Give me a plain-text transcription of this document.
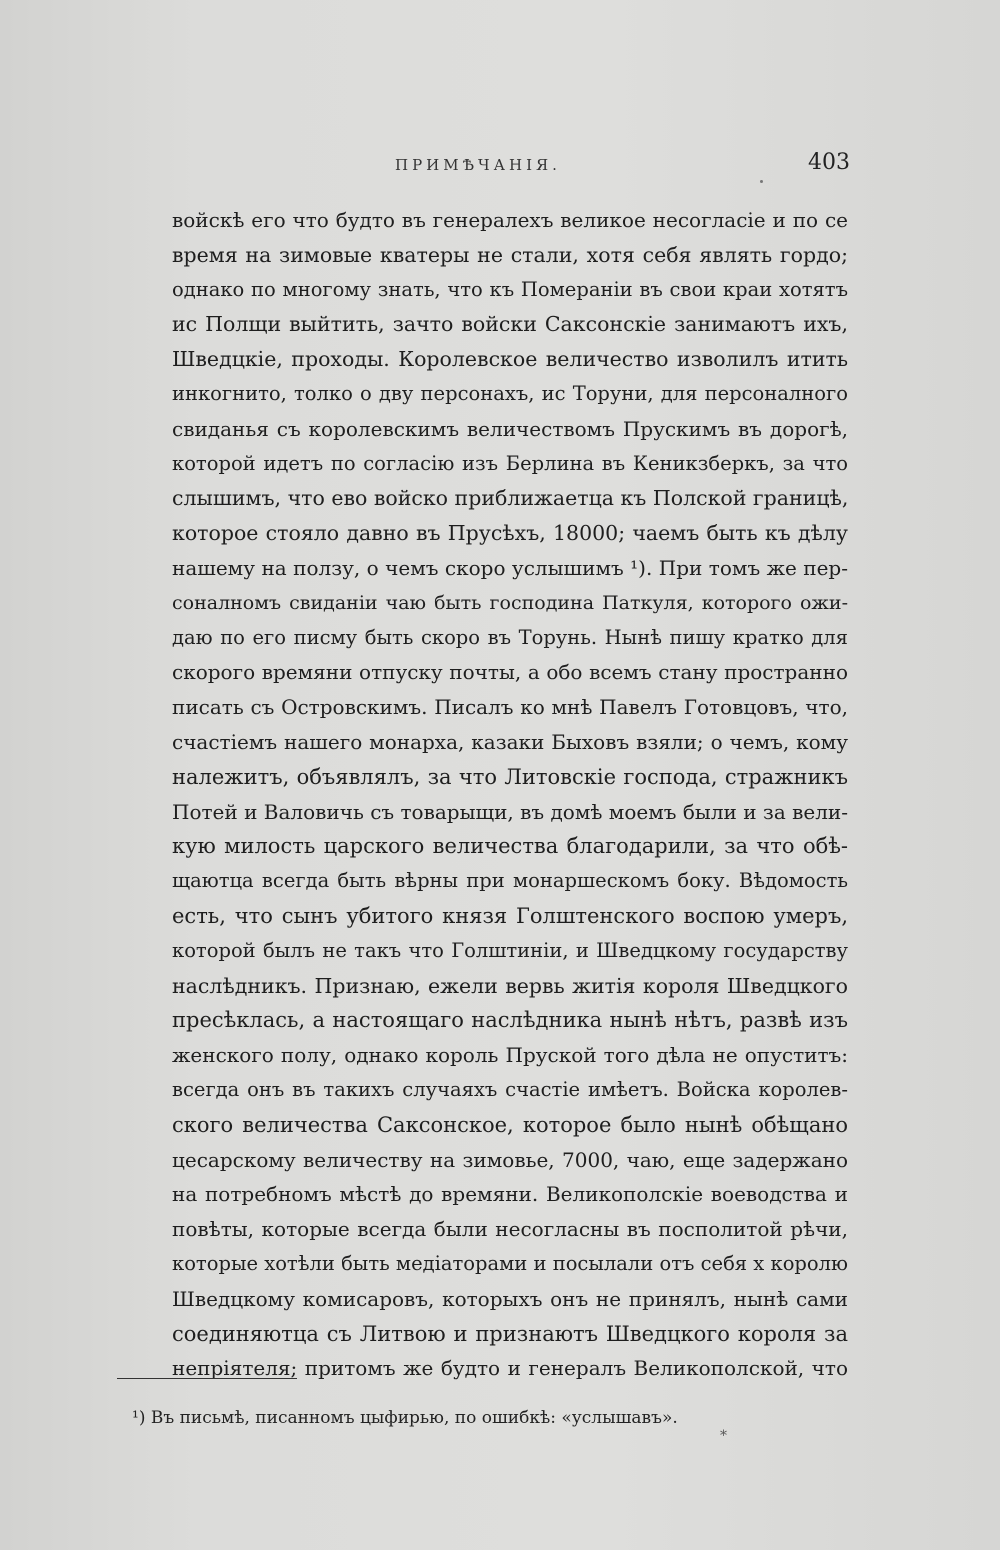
ПРИМѢЧАНІЯ.	403
войскѣ его что будто въ генералехъ великое несогласіе и по се
время на зимовые кватеры не стали, хотя себя являть гордо;
однако по многому знать, что къ Помераніи въ свои краи хотятъ
ис Полщи выйтить, зачто войски Саксонскіе занимаютъ ихъ,
Шведцкіе, проходы. Королевское величество изволилъ итить
инкогнито, толко о дву персонахъ, ис Торуни, для персоналного
свиданья съ королевскимъ величествомъ Прускимъ въ дорогѣ,
которой идетъ по согласію изъ Берлина въ Кеникзберкъ, за что
слышимъ, что ево войско приближаетца къ Полской границѣ,
которое стояло давно въ Прусѣхъ, 18000; чаемъ быть къ дѣлу
нашему на ползу, о чемъ скоро услышимъ ¹). При томъ же пер-
соналномъ свиданіи чаю быть господина Паткуля, которого ожи-
даю по его писму быть скоро въ Торунь. Нынѣ пишу кратко для
скорого времяни отпуску почты, а обо всемъ стану пространно
писать съ Островскимъ. Писалъ ко мнѣ Павелъ Готовцовъ, что,
счастіемъ нашего монарха, казаки Быховъ взяли; о чемъ, кому
належитъ, объявлялъ, за что Литовскіе господа, стражникъ
Потей и Валовичь съ товарыщи, въ домѣ моемъ были и за вели-
кую милость царского величества благодарили, за что обѣ-
щаютца всегда быть вѣрны при монаршескомъ боку. Вѣдомость
есть, что сынъ убитого князя Голштенского воспою умеръ,
которой былъ не такъ что Голштиніи, и Шведцкому государству
наслѣдникъ. Признаю, ежели вервь житія короля Шведцкого
пресѣклась, а настоящаго наслѣдника нынѣ нѣтъ, развѣ изъ
женского полу, однако король Пруской того дѣла не опуститъ:
всегда онъ въ такихъ случаяхъ счастіе имѣетъ. Войска королев-
ского величества Саксонское, которое было нынѣ обѣщано
цесарскому величеству на зимовье, 7000, чаю, еще задержано
на потребномъ мѣстѣ до времяни. Великополскіе воеводства и
повѣты, которые всегда были несогласны въ посполитой рѣчи,
которые хотѣли быть медіаторами и посылали отъ себя х королю
Шведцкому комисаровъ, которыхъ онъ не принялъ, нынѣ сами
соединяютца съ Литвою и признаютъ Шведцкого короля за
непріятеля; притомъ же будто и генералъ Великополской, что
¹) Въ письмѣ, писанномъ цыфирью, по ошибкѣ: «услышавъ».
*
